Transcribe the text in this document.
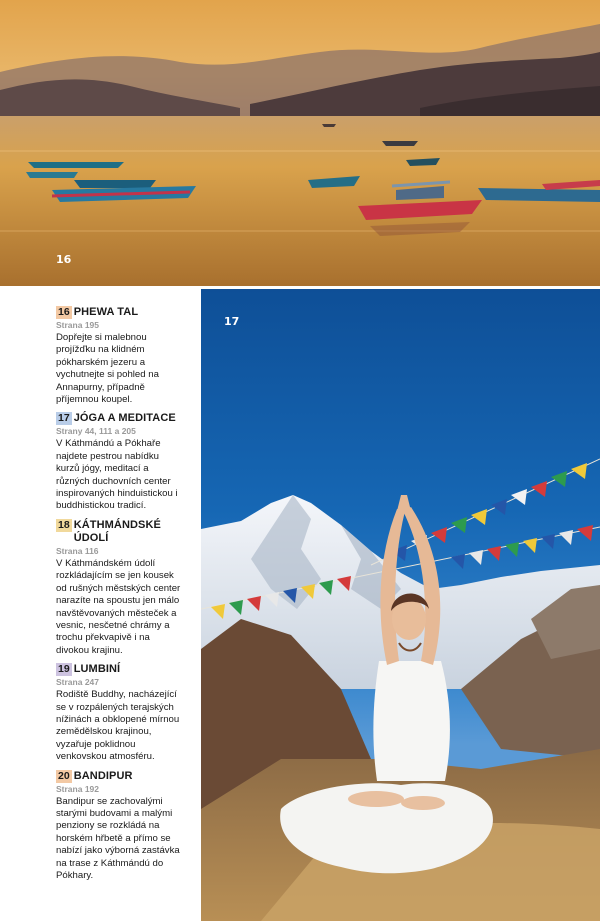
16
16 PHEWA TAL
Strana 195
Dopřejte si malebnou projížďku na klidném pókharském jezeru a vychutnejte si pohled na Annapurny, případně příjemnou koupel.
17 JÓGA A MEDITACE
Strany 44, 111 a 205
V Káthmándú a Pókhaře najdete pestrou nabídku kurzů jógy, meditací a různých duchovních center inspirovaných hinduistickou i buddhistickou tradicí.
18 KÁTHMÁNDSKÉ ÚDOLÍ
Strana 116
V Káthmándském údolí rozkládajícím se jen kousek od rušných městských center narazíte na spoustu jen málo navštěvovaných městeček a vesnic, nesčetné chrámy a trochu překvapivě i na divokou krajinu.
19 LUMBINÍ
Strana 247
Rodiště Buddhy, nacházející se v rozpálených terajských nížinách a obklopené mírnou zemědělskou krajinou, vyzařuje poklidnou venkovskou atmosféru.
20 BANDIPUR
Strana 192
Bandipur se zachovalými starými budovami a malými penziony se rozkládá na horském hřbetě a přímo se nabízí jako výborná zastávka na trase z Káthmándú do Pókhary.
17
